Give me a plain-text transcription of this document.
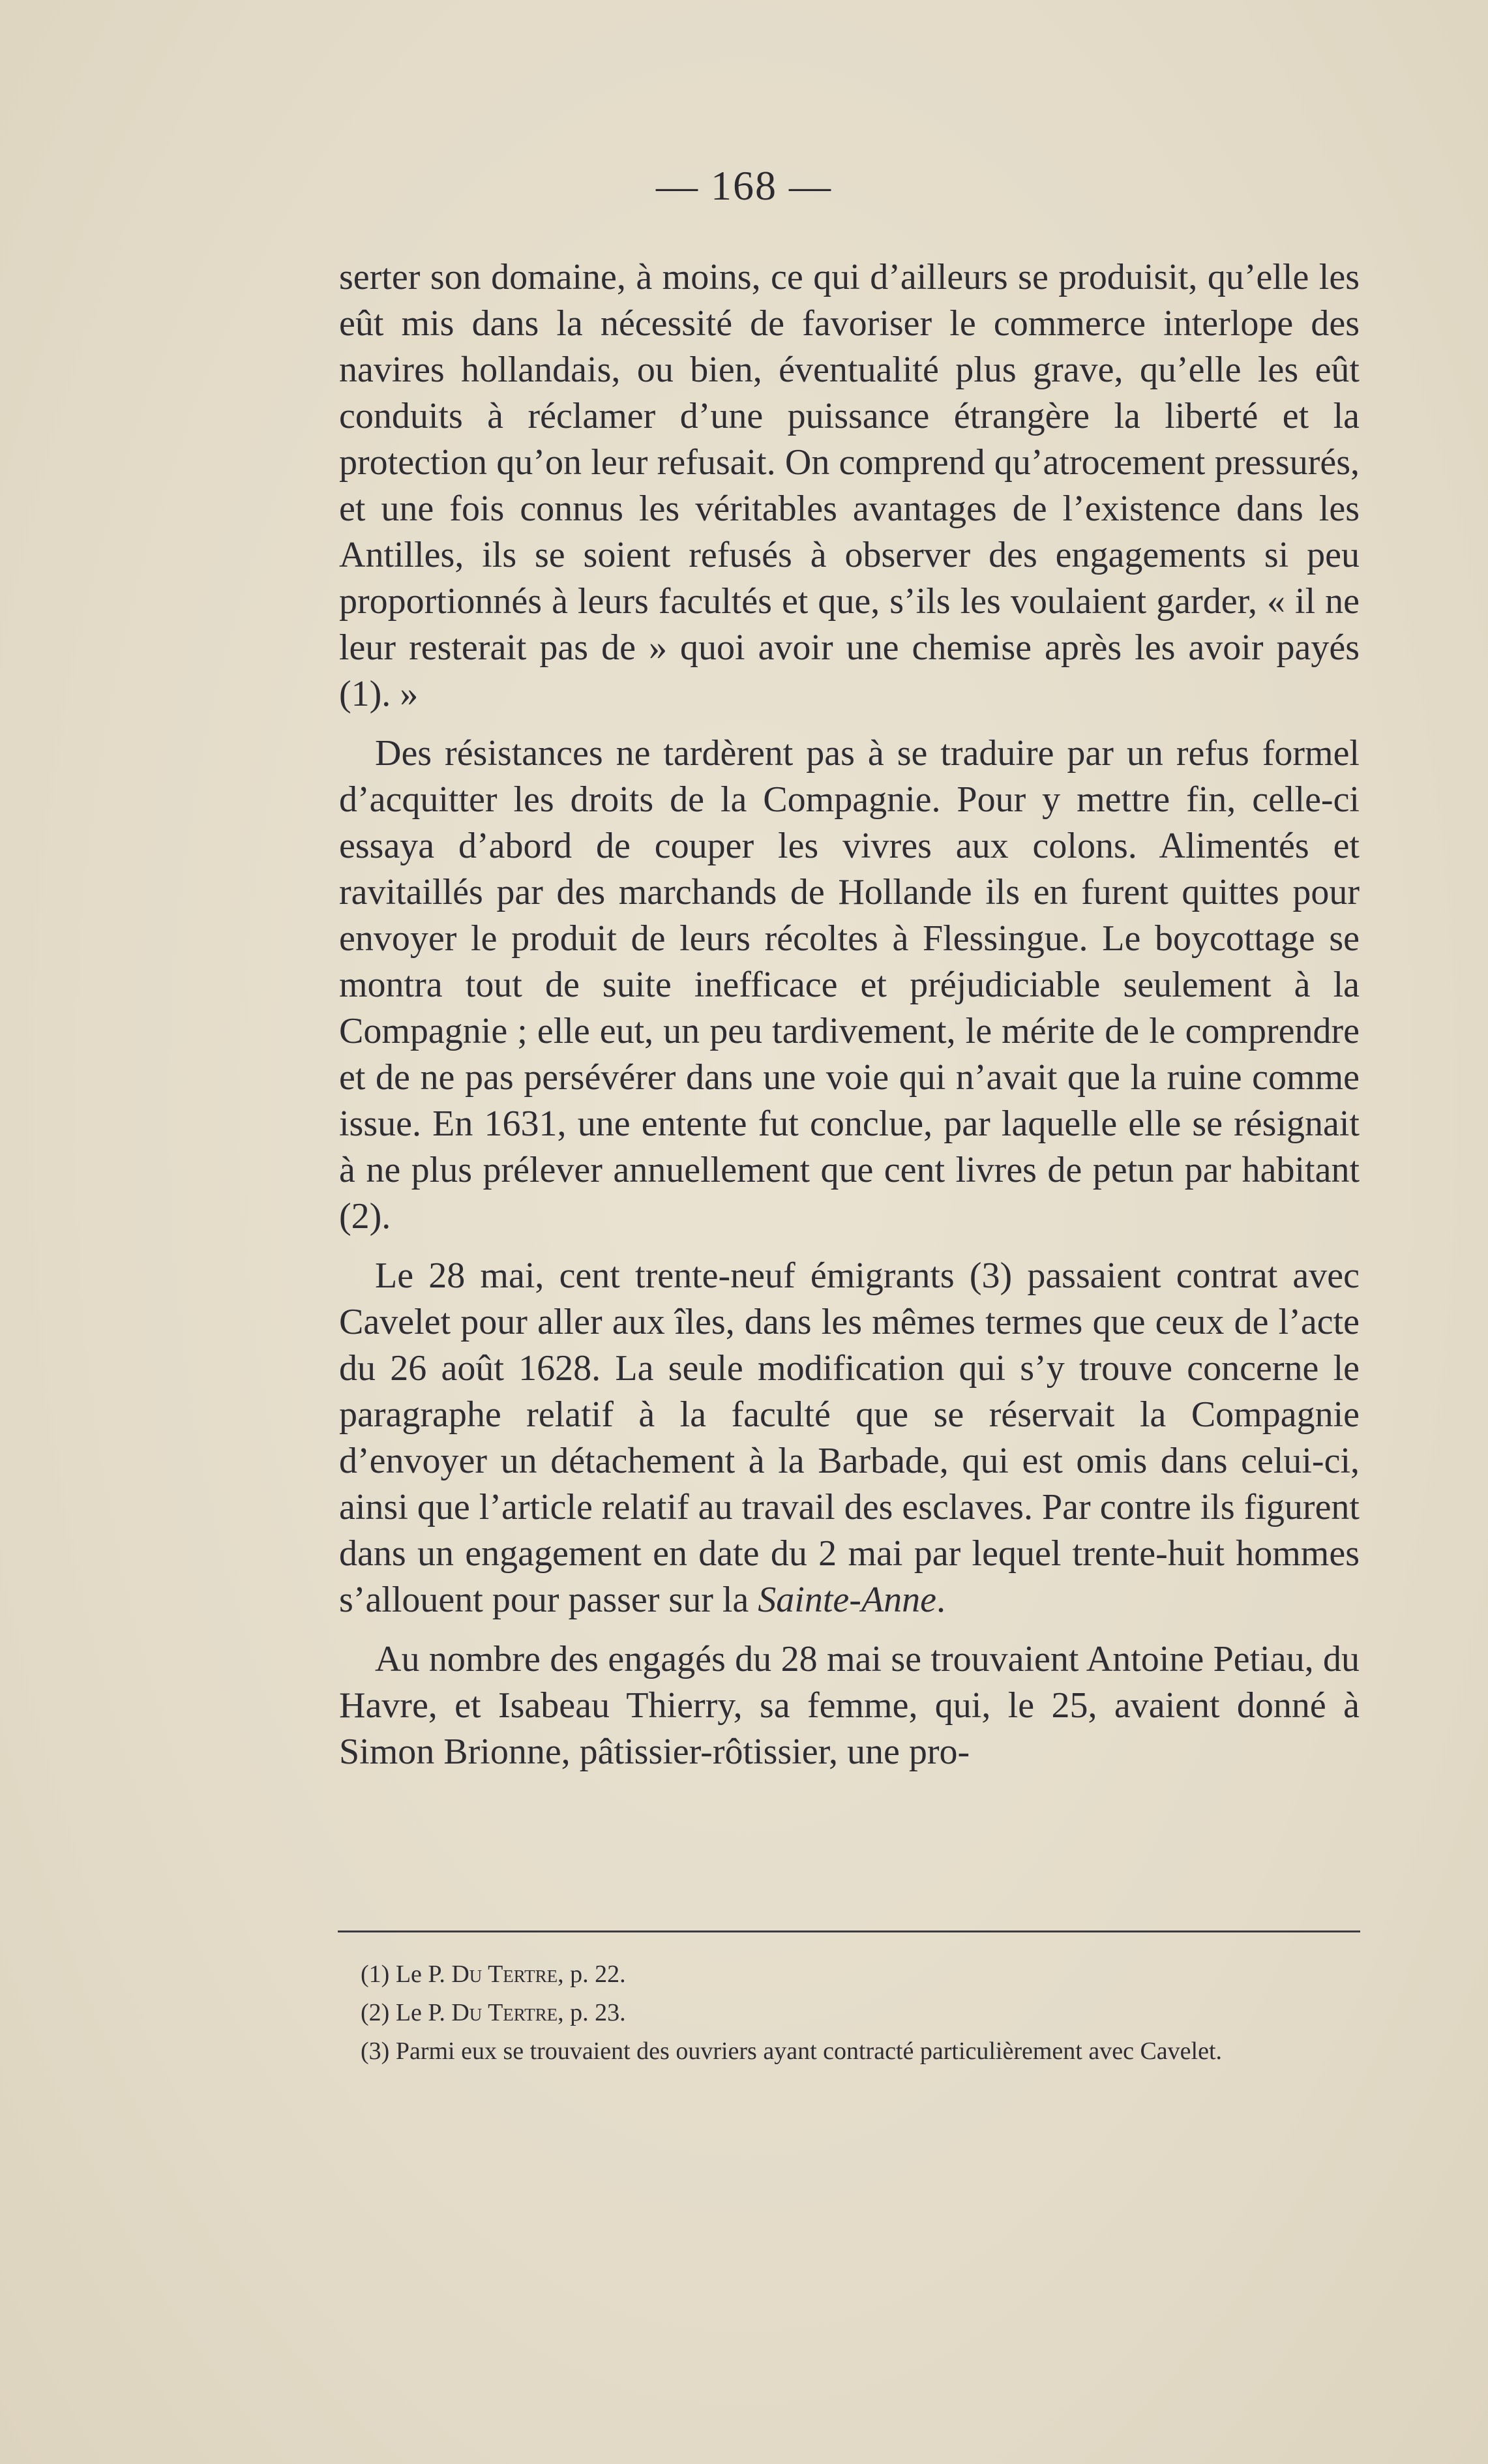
— 168 —

serter son domaine, à moins, ce qui d’ailleurs se produisit, qu’elle les eût mis dans la nécessité de favoriser le commerce interlope des navires hollandais, ou bien, éventualité plus grave, qu’elle les eût conduits à réclamer d’une puissance étrangère la liberté et la protection qu’on leur refusait. On comprend qu’atrocement pressurés, et une fois connus les véritables avantages de l’existence dans les Antilles, ils se soient refusés à observer des engagements si peu proportionnés à leurs facultés et que, s’ils les voulaient garder, « il ne leur resterait pas de » quoi avoir une chemise après les avoir payés (1). »

Des résistances ne tardèrent pas à se traduire par un refus formel d’acquitter les droits de la Compagnie. Pour y mettre fin, celle-ci essaya d’abord de couper les vivres aux colons. Alimentés et ravitaillés par des marchands de Hollande ils en furent quittes pour envoyer le produit de leurs récoltes à Flessingue. Le boycottage se montra tout de suite inefficace et préjudiciable seulement à la Compagnie ; elle eut, un peu tardivement, le mérite de le comprendre et de ne pas persévérer dans une voie qui n’avait que la ruine comme issue. En 1631, une entente fut conclue, par laquelle elle se résignait à ne plus prélever annuellement que cent livres de petun par habitant (2).

Le 28 mai, cent trente-neuf émigrants (3) passaient contrat avec Cavelet pour aller aux îles, dans les mêmes termes que ceux de l’acte du 26 août 1628. La seule modification qui s’y trouve concerne le paragraphe relatif à la faculté que se réservait la Compagnie d’envoyer un détachement à la Barbade, qui est omis dans celui-ci, ainsi que l’article relatif au travail des esclaves. Par contre ils figurent dans un engagement en date du 2 mai par lequel trente-huit hommes s’allouent pour passer sur la Sainte-Anne.

Au nombre des engagés du 28 mai se trouvaient Antoine Petiau, du Havre, et Isabeau Thierry, sa femme, qui, le 25, avaient donné à Simon Brionne, pâtissier-rôtissier, une pro-

(1) Le P. Du Tertre, p. 22.

(2) Le P. Du Tertre, p. 23.

(3) Parmi eux se trouvaient des ouvriers ayant contracté particulièrement avec Cavelet.
